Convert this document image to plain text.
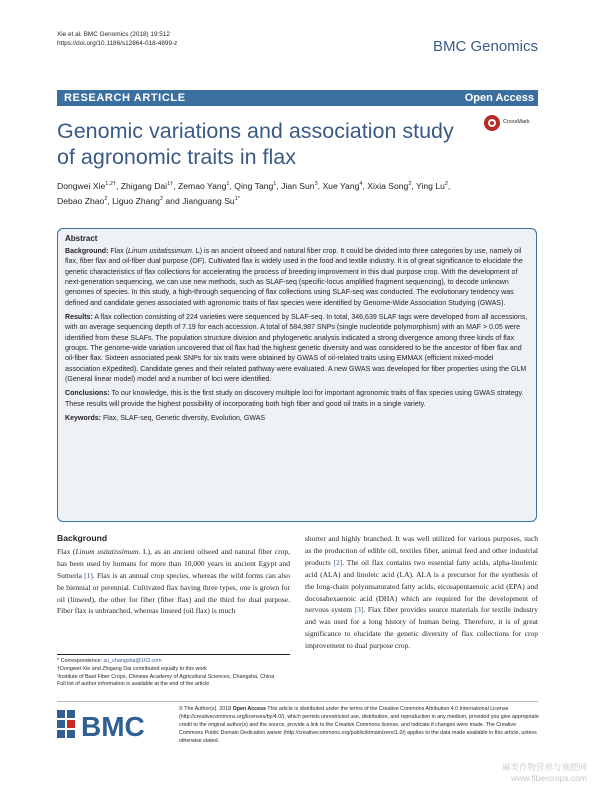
Xie et al. BMC Genomics (2018) 19:512
https://doi.org/10.1186/s12864-018-4899-z	BMC Genomics
RESEARCH ARTICLE	Open Access
Genomic variations and association study of agronomic traits in flax
CrossMark
Dongwei Xie$^{1,2\dagger}$, Zhigang Dai$^{1\dagger}$, Zemao Yang$^1$, Qing Tang$^1$, Jian Sun$^3$, Xue Yang$^4$, Xixia Song$^2$, Ying Lu$^2$,
Debao Zhao$^2$, Liguo Zhang$^2$ and Jianguang $Su^{1*}$
Abstract

Background: Flax (Linum usitatissimum. L) is an ancient oilseed and natural fiber crop. It could be divided into three categories by use, namely oil flax, fiber flax and oil-fiber dual purpose (OF). Cultivated flax is widely used in the food and textile industry. It is of great significance to elucidate the genetic characteristics of flax collections for accelerating the process of breeding improvement in this dual purpose crop. With the development of next-generation sequencing, we can use new methods, such as SLAF-seq (specific-locus amplified fragment sequencing), to decode unknown genomes of species. In this study, a high-through sequencing of flax collections using SLAF-seq was conducted. The evolutionary tendency was defined and candidate genes associated with agronomic traits of flax species were identified by Genome-Wide Association Studying (GWAS).

Results: A flax collection consisting of 224 varieties were sequenced by SLAF-seq. In total, 346,639 SLAF tags were developed from all accessions, with an average sequencing depth of 7.19 for each accession. A total of 584,987 SNPs (single nucleotide polymorphism) with an MAF > 0.05 were identified from these SLAFs. The population structure division and phylogenetic analysis indicated a strong divergence among three kinds of flax groups. The genome-wide variation uncovered that oil flax had the highest genetic diversity and was considered to be the ancestor of fiber flax and oil-fiber flax. Sixteen associated peak SNPs for six traits were obtained by GWAS of oil-related traits using EMMAX (efficient mixed-model association eXpedited). Candidate genes and their related pathway were evaluated. A new GWAS was developed for fiber properties using the GLM (General linear model) model and a number of loci were identified.

Conclusions: To our knowledge, this is the first study on discovery multiple loci for important agronomic traits of flax species using GWAS strategy. These results will provide the highest possibility of incorporating both high fiber and good oil traits in a single variety.

Keywords: Flax, SLAF-seq, Genetic diversity, Evolution, GWAS

Background

Flax (Linum usitatissimum. L), as an ancient oilseed and natural fiber crop, has been used by humans for more than 10,000 years in ancient Egypt and Sumeria [1]. Flax is an annual crop species, whereas the wild forms can also be biennial or perennial. Cultivated flax having three types, one is grown for oil (linseed), the other for fiber (fiber flax) and the third for dual purpose. Fiber flax is unbranched, whereas linseed (oil flax) is much

shorter and highly branched. It was well utilized for various purposes, such as the production of edible oil, textiles fiber, animal feed and other industrial products [2]. The oil flax contains two essential fatty acids, alpha-linolenic acid (ALA) and linoleic acid (LA). ALA is a precursor for the synthesis of the long-chain polyunsaturated fatty acids, eicosapentaenoic acid (EPA) and docosahexaenoic acid (DHA) which are required for the development of nervous system [3]. Flax fiber provides source materials for textile industry and was used for a long history of human being. Therefore, it is of great significance to elucidate the genetic diversity of flax collections for crop improvement to dual purpose crop.

* Correspondence: su_changsha@163.com
†Dongwei Xie and Zhigang Dai contributed equally to this work
¹Institute of Bast Fiber Crops, Chinese Academy of Agricultural Sciences, Changsha, China
Full list of author information is available at the end of the article
BMC
© The Author(s). 2018 Open Access This article is distributed under the terms of the Creative Commons Attribution 4.0 International License (http://creativecommons.org/licenses/by/4.0/), which permits unrestricted use, distribution, and reproduction in any medium, provided you give appropriate credit to the original author(s) and the source, provide a link to the Creative Commons license, and indicate if changes were made. The Creative Commons Public Domain Dedication waiver (http://creativecommons.org/publicdomain/zero/1.0/) applies to the data made available in this article, unless otherwise stated.
麻类作物营养与施肥网
www.fibercrops.com
